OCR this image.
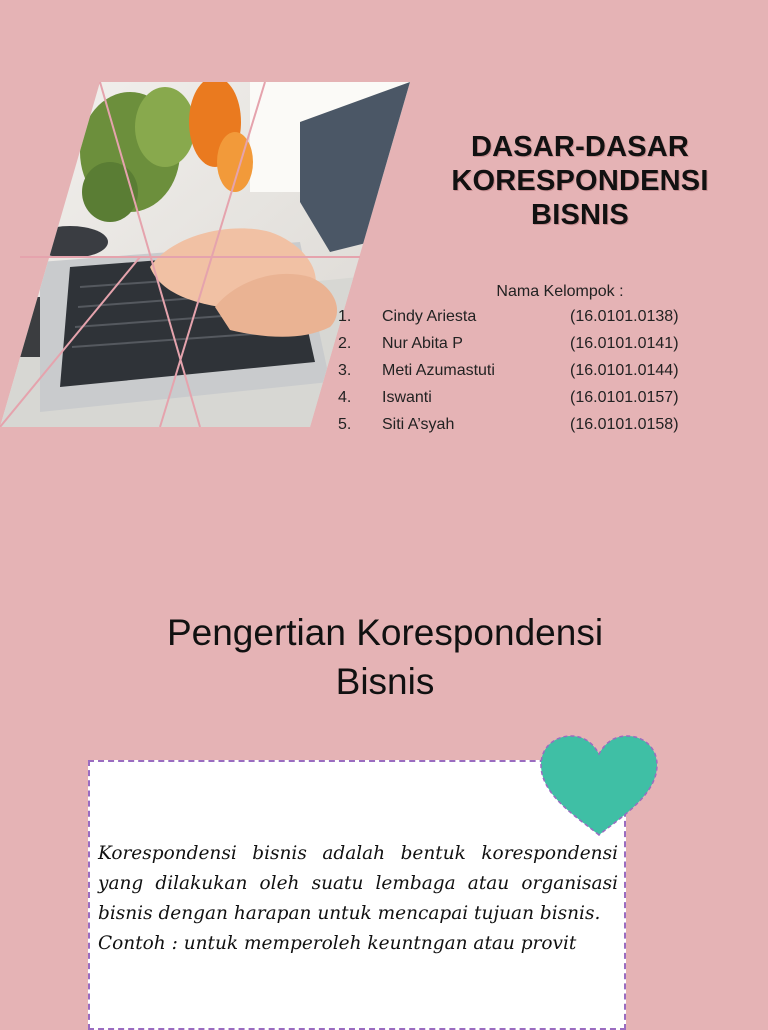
DASAR-DASAR
KORESPONDENSI
BISNIS
Nama Kelompok :
1. Cindy Ariesta	(16.0101.0138)
2. Nur Abita P	(16.0101.0141)
3. Meti Azumastuti	(16.0101.0144)
4. Iswanti	(16.0101.0157)
5. Siti A’syah	(16.0101.0158)
Pengertian Korespondensi
Bisnis
Korespondensi bisnis adalah bentuk korespondensi yang dilakukan oleh suatu lembaga atau organisasi bisnis dengan harapan untuk mencapai tujuan bisnis.
Contoh : untuk memperoleh keuntngan atau provit
